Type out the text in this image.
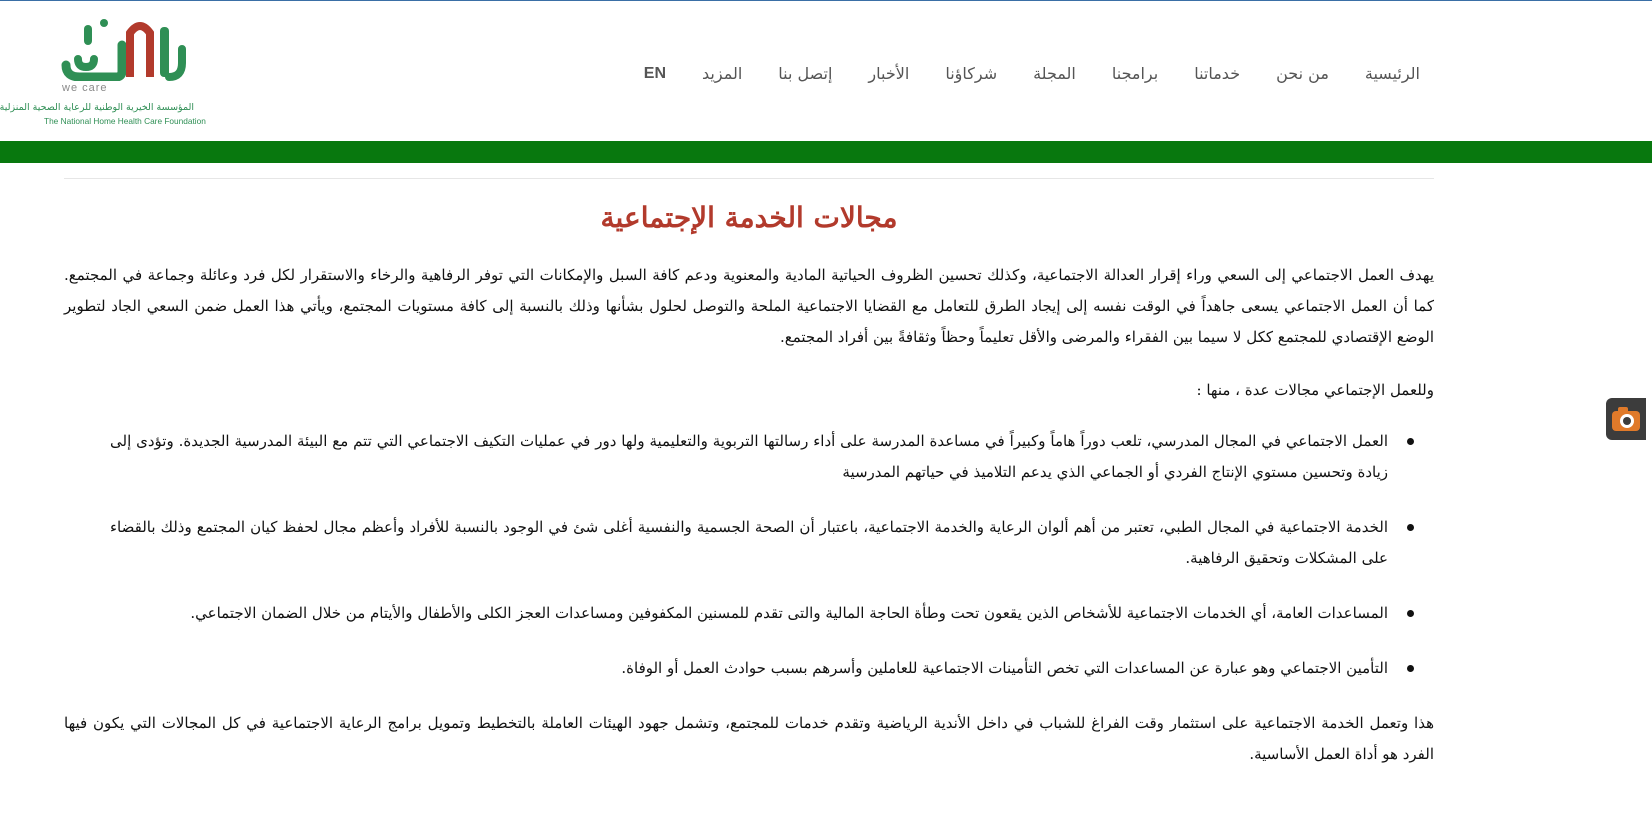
we care
المؤسسة الخيرية الوطنية للرعاية الصحية المنزلية
The National Home Health Care Foundation
الرئيسية
من نحن
خدماتنا
برامجنا
المجلة
شركاؤنا
الأخبار
إتصل بنا
المزيد
EN
مجالات الخدمة الإجتماعية

يهدف العمل الاجتماعي إلى السعي وراء إقرار العدالة الاجتماعية، وكذلك تحسين الظروف الحياتية المادية والمعنوية ودعم كافة السبل والإمكانات التي توفر الرفاهية والرخاء والاستقرار لكل فرد وعائلة وجماعة في المجتمع. كما أن العمل الاجتماعي يسعى جاهداً في الوقت نفسه إلى إيجاد الطرق للتعامل مع القضايا الاجتماعية الملحة والتوصل لحلول بشأنها وذلك بالنسبة إلى كافة مستويات المجتمع، ويأتي هذا العمل ضمن السعي الجاد لتطوير الوضع الإقتصادي للمجتمع ككل لا سيما بين الفقراء والمرضى والأقل تعليماً وحظاً وثقافةً بين أفراد المجتمع.

وللعمل الإجتماعي مجالات عدة ، منها :

العمل الاجتماعي في المجال المدرسي، تلعب دوراً هاماً وكبيراً في مساعدة المدرسة على أداء رسالتها التربوية والتعليمية ولها دور في عمليات التكيف الاجتماعي التي تتم مع البيئة المدرسية الجديدة. وتؤدى إلى زيادة وتحسين مستوي الإنتاج الفردي أو الجماعي الذي يدعم التلاميذ في حياتهم المدرسية
الخدمة الاجتماعية في المجال الطبي، تعتبر من أهم ألوان الرعاية والخدمة الاجتماعية، باعتبار أن الصحة الجسمية والنفسية أغلى شئ في الوجود بالنسبة للأفراد وأعظم مجال لحفظ كيان المجتمع وذلك بالقضاء على المشكلات وتحقيق الرفاهية.
المساعدات العامة، أي الخدمات الاجتماعية للأشخاص الذين يقعون تحت وطأة الحاجة المالية والتى تقدم للمسنين المكفوفين ومساعدات العجز الكلى والأطفال والأيتام من خلال الضمان الاجتماعي.
التأمين الاجتماعي وهو عبارة عن المساعدات التي تخص التأمينات الاجتماعية للعاملين وأسرهم بسبب حوادث العمل أو الوفاة.

هذا وتعمل الخدمة الاجتماعية على استثمار وقت الفراغ للشباب في داخل الأندية الرياضية وتقدم خدمات للمجتمع، وتشمل جهود الهيئات العاملة بالتخطيط وتمويل برامج الرعاية الاجتماعية في كل المجالات التي يكون فيها الفرد هو أداة العمل الأساسية.
